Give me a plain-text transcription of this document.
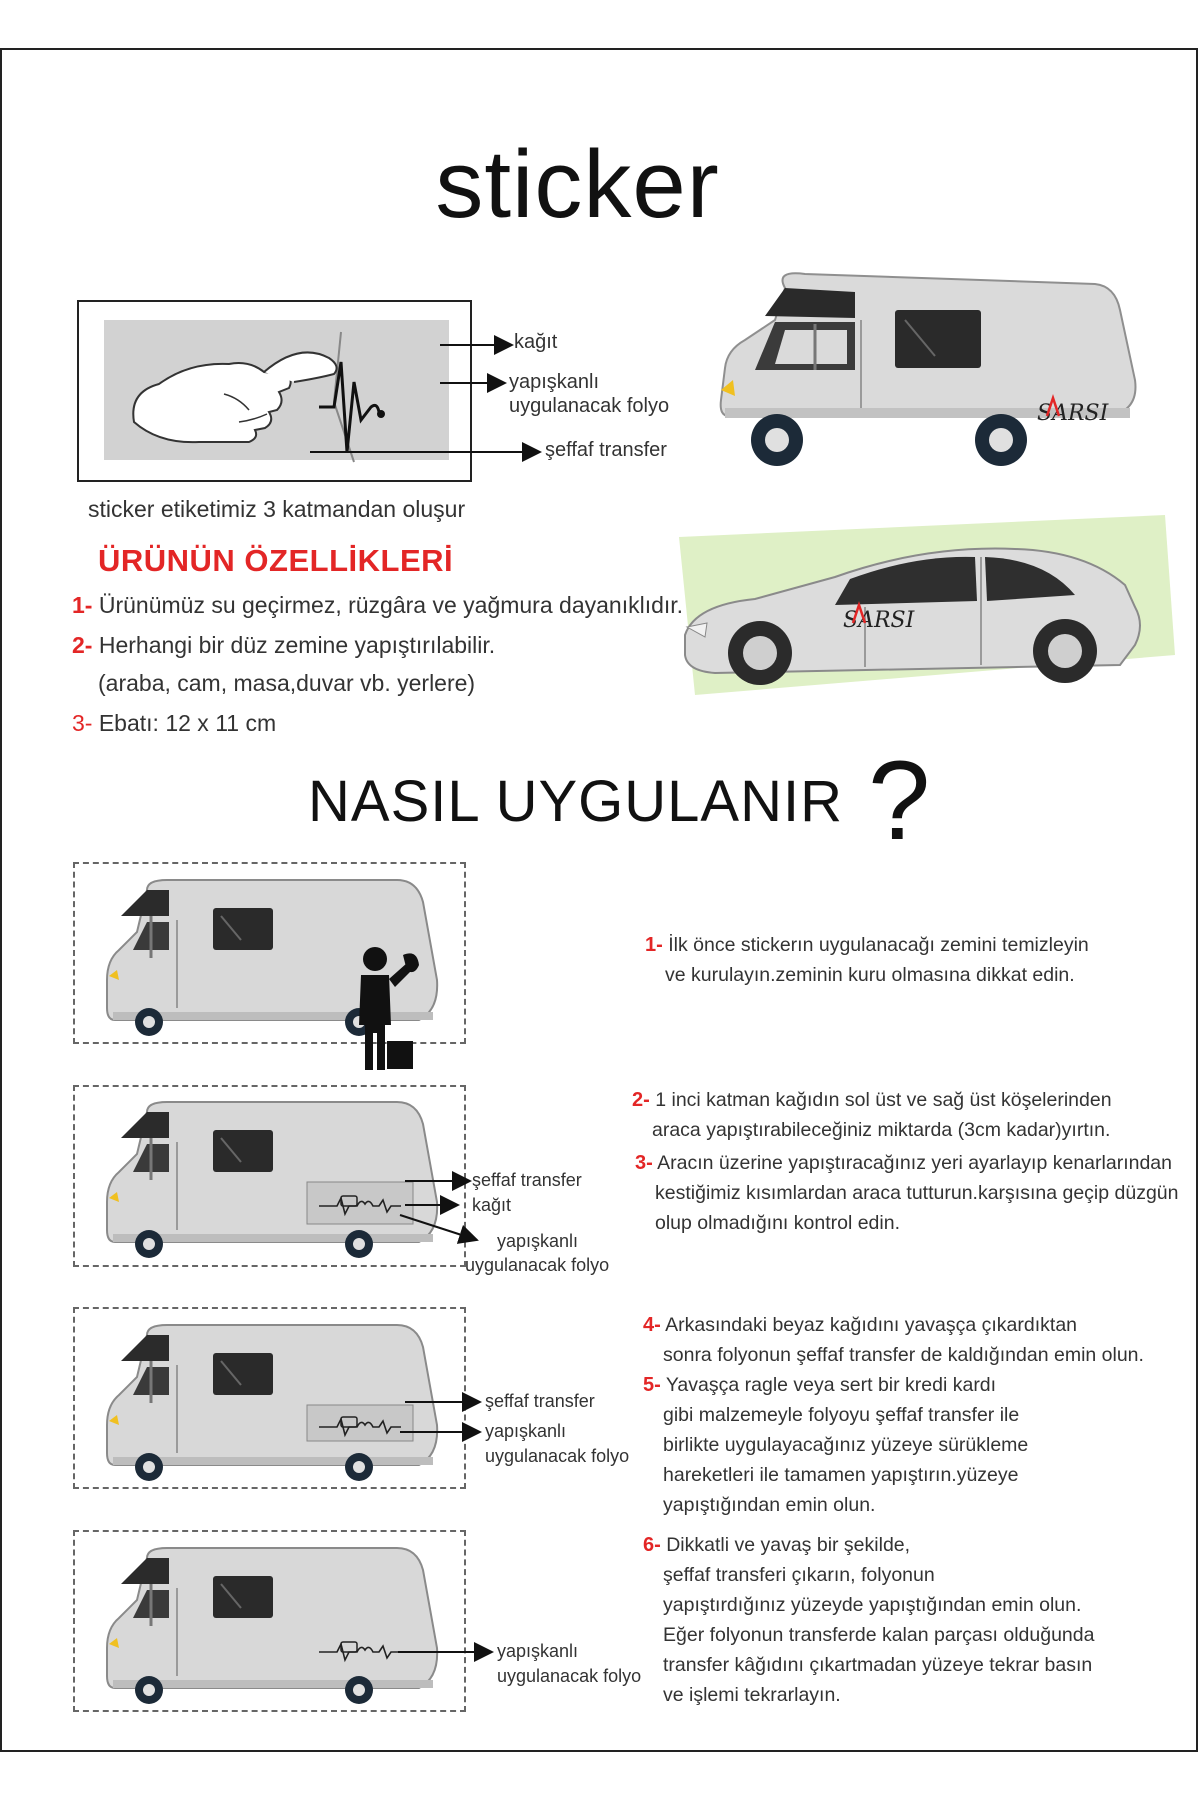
sticker
kağıt
yapışkanlı
uygulanacak folyo
şeffaf transfer
sticker etiketimiz 3 katmandan oluşur
SARSI
SARSI
ÜRÜNÜN ÖZELLİKLERİ
1- Ürünümüz su geçirmez, rüzgâra ve yağmura dayanıklıdır.
2- Herhangi bir düz zemine yapıştırılabilir.
(araba, cam, masa,duvar vb. yerlere)
3- Ebatı: 12 x 11 cm
NASIL UYGULANIR ?
şeffaf transfer
kağıt
yapışkanlı
uygulanacak folyo
şeffaf transfer
yapışkanlı
uygulanacak folyo
yapışkanlı
uygulanacak folyo
1- İlk önce stickerın uygulanacağı zemini temizleyin
ve kurulayın.zeminin kuru olmasına dikkat edin.
2- 1 inci katman kağıdın sol üst ve sağ üst köşelerinden
araca yapıştırabileceğiniz miktarda (3cm kadar)yırtın.
3- Aracın üzerine yapıştıracağınız yeri ayarlayıp kenarlarından
kestiğimiz kısımlardan araca tutturun.karşısına geçip düzgün
olup olmadığını kontrol edin.
4- Arkasındaki beyaz kağıdını yavaşça çıkardıktan
sonra folyonun şeffaf transfer de kaldığından emin olun.
5- Yavaşça ragle veya sert bir kredi kardı
gibi malzemeyle folyoyu şeffaf transfer ile
birlikte uygulayacağınız yüzeye sürükleme
hareketleri ile tamamen yapıştırın.yüzeye
yapıştığından emin olun.
6- Dikkatli ve yavaş bir şekilde,
şeffaf transferi çıkarın, folyonun
yapıştırdığınız yüzeyde yapıştığından emin olun.
Eğer folyonun transferde kalan parçası olduğunda
transfer kâğıdını çıkartmadan yüzeye tekrar basın
ve işlemi tekrarlayın.
